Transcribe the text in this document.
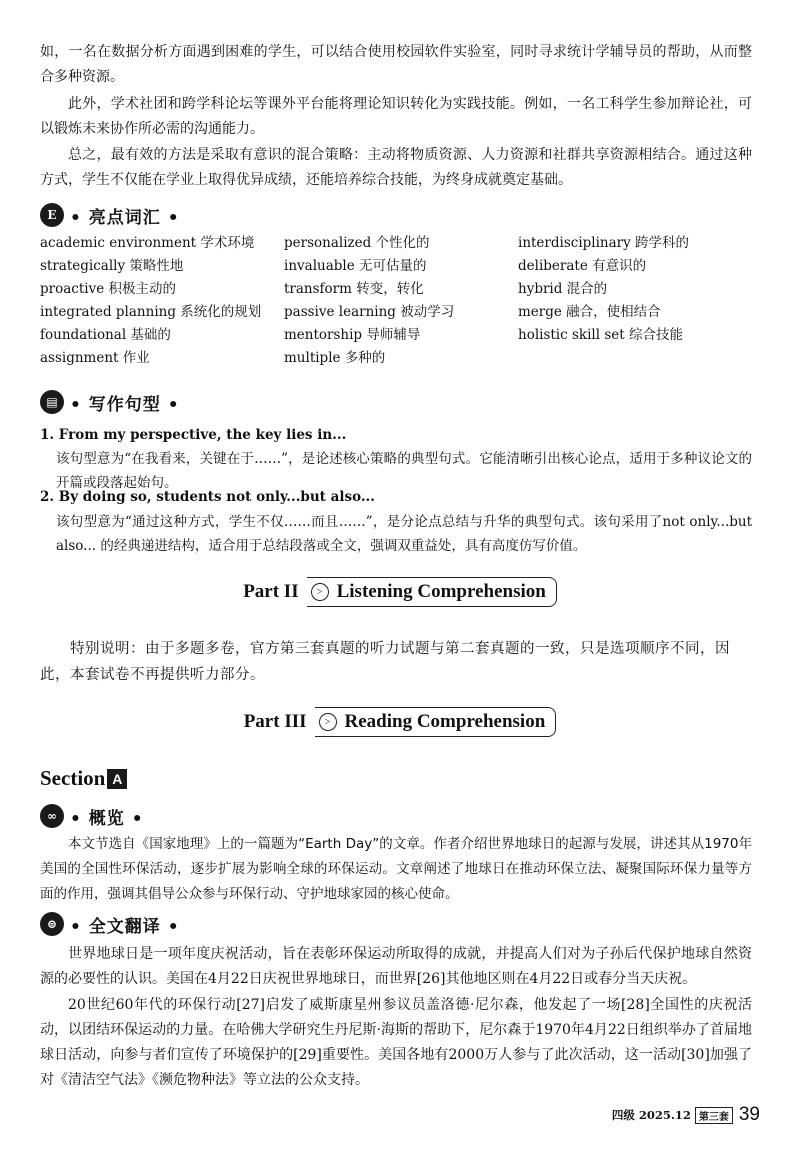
如，一名在数据分析方面遇到困难的学生，可以结合使用校园软件实验室，同时寻求统计学辅导员的帮助，从而整合多种资源。

此外，学术社团和跨学科论坛等课外平台能将理论知识转化为实践技能。例如，一名工科学生参加辩论社，可以锻炼未来协作所必需的沟通能力。

总之，最有效的方法是采取有意识的混合策略：主动将物质资源、人力资源和社群共享资源相结合。通过这种方式，学生不仅能在学业上取得优异成绩，还能培养综合技能，为终身成就奠定基础。

E • 亮点词汇 •
academic environment 学术环境
strategically 策略性地
proactive 积极主动的
integrated planning 系统化的规划
foundational 基础的
assignment 作业
personalized 个性化的
invaluable 无可估量的
transform 转变，转化
passive learning 被动学习
mentorship 导师辅导
multiple 多种的
interdisciplinary 跨学科的
deliberate 有意识的
hybrid 混合的
merge 融合，使相结合
holistic skill set 综合技能
▤ • 写作句型 •
1. From my perspective, the key lies in...

该句型意为“在我看来，关键在于……”，是论述核心策略的典型句式。它能清晰引出核心论点，适用于多种议论文的开篇或段落起始句。

2. By doing so, students not only...but also...

该句型意为“通过这种方式，学生不仅……而且……”，是分论点总结与升华的典型句式。该句采用了not only...but also... 的经典递进结构，适合用于总结段落或全文，强调双重益处，具有高度仿写价值。

Part II	> Listening Comprehension

特别说明：由于多题多卷，官方第三套真题的听力试题与第二套真题的一致，只是选项顺序不同，因此，本套试卷不再提供听力部分。

Part III	> Reading Comprehension
Section A
∞ • 概览 •

本文节选自《国家地理》上的一篇题为“Earth Day”的文章。作者介绍世界地球日的起源与发展，讲述其从1970年美国的全国性环保活动，逐步扩展为影响全球的环保运动。文章阐述了地球日在推动环保立法、凝聚国际环保力量等方面的作用，强调其倡导公众参与环保行动、守护地球家园的核心使命。

⊜ • 全文翻译 •

世界地球日是一项年度庆祝活动，旨在表彰环保运动所取得的成就，并提高人们对为子孙后代保护地球自然资源的必要性的认识。美国在4月22日庆祝世界地球日，而世界[26]其他地区则在4月22日或春分当天庆祝。

20世纪60年代的环保行动[27]启发了威斯康星州参议员盖洛德·尼尔森，他发起了一场[28]全国性的庆祝活动，以团结环保运动的力量。在哈佛大学研究生丹尼斯·海斯的帮助下，尼尔森于1970年4月22日组织举办了首届地球日活动，向参与者们宣传了环境保护的[29]重要性。美国各地有2000万人参与了此次活动，这一活动[30]加强了对《清洁空气法》《濒危物种法》等立法的公众支持。

四级 2025.12 第三套 39
